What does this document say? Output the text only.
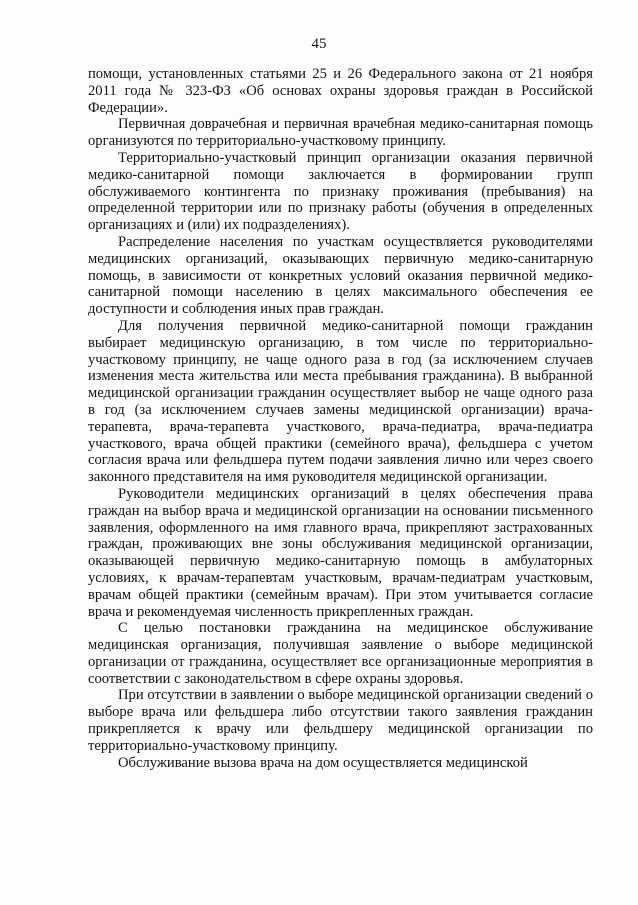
45

помощи, установленных статьями 25 и 26 Федерального закона от 21 ноября 2011 года № 323-ФЗ «Об основах охраны здоровья граждан в Российской Федерации».

Первичная доврачебная и первичная врачебная медико-санитарная помощь организуются по территориально-участковому принципу.

Территориально-участковый принцип организации оказания первичной медико-санитарной помощи заключается в формировании групп обслуживаемого контингента по признаку проживания (пребывания) на определенной территории или по признаку работы (обучения в определенных организациях и (или) их подразделениях).

Распределение населения по участкам осуществляется руководителями медицинских организаций, оказывающих первичную медико-санитарную помощь, в зависимости от конкретных условий оказания первичной медико-санитарной помощи населению в целях максимального обеспечения ее доступности и соблюдения иных прав граждан.

Для получения первичной медико-санитарной помощи гражданин выбирает медицинскую организацию, в том числе по территориально-участковому принципу, не чаще одного раза в год (за исключением случаев изменения места жительства или места пребывания гражданина). В выбранной медицинской организации гражданин осуществляет выбор не чаще одного раза в год (за исключением случаев замены медицинской организации) врача-терапевта, врача-терапевта участкового, врача-педиатра, врача-педиатра участкового, врача общей практики (семейного врача), фельдшера с учетом согласия врача или фельдшера путем подачи заявления лично или через своего законного представителя на имя руководителя медицинской организации.

Руководители медицинских организаций в целях обеспечения права граждан на выбор врача и медицинской организации на основании письменного заявления, оформленного на имя главного врача, прикрепляют застрахованных граждан, проживающих вне зоны обслуживания медицинской организации, оказывающей первичную медико-санитарную помощь в амбулаторных условиях, к врачам-терапевтам участковым, врачам-педиатрам участковым, врачам общей практики (семейным врачам). При этом учитывается согласие врача и рекомендуемая численность прикрепленных граждан.

С целью постановки гражданина на медицинское обслуживание медицинская организация, получившая заявление о выборе медицинской организации от гражданина, осуществляет все организационные мероприятия в соответствии с законодательством в сфере охраны здоровья.

При отсутствии в заявлении о выборе медицинской организации сведений о выборе врача или фельдшера либо отсутствии такого заявления гражданин прикрепляется к врачу или фельдшеру медицинской организации по территориально-участковому принципу.

Обслуживание вызова врача на дом осуществляется медицинской
